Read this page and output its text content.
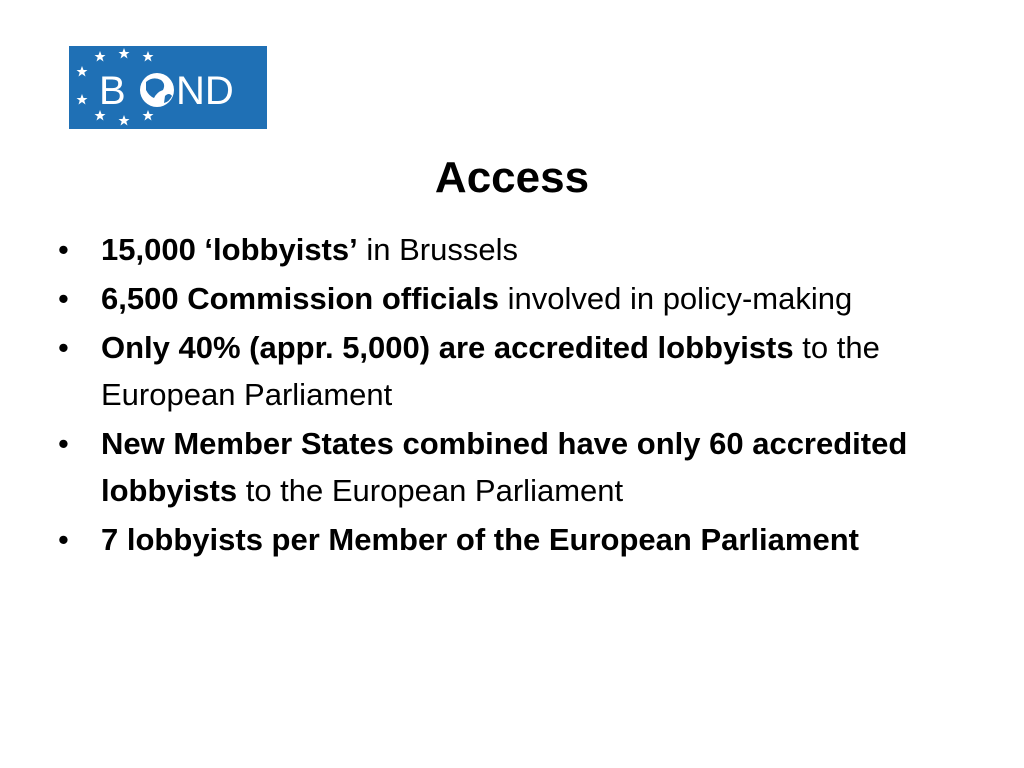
B ND
Access
• 15,000 ‘lobbyists’ in Brussels
• 6,500 Commission officials involved in policy-making
• Only 40% (appr. 5,000) are accredited lobbyists to the European Parliament
• New Member States combined have only 60 accredited lobbyists to the European Parliament
• 7 lobbyists per Member of the European Parliament
